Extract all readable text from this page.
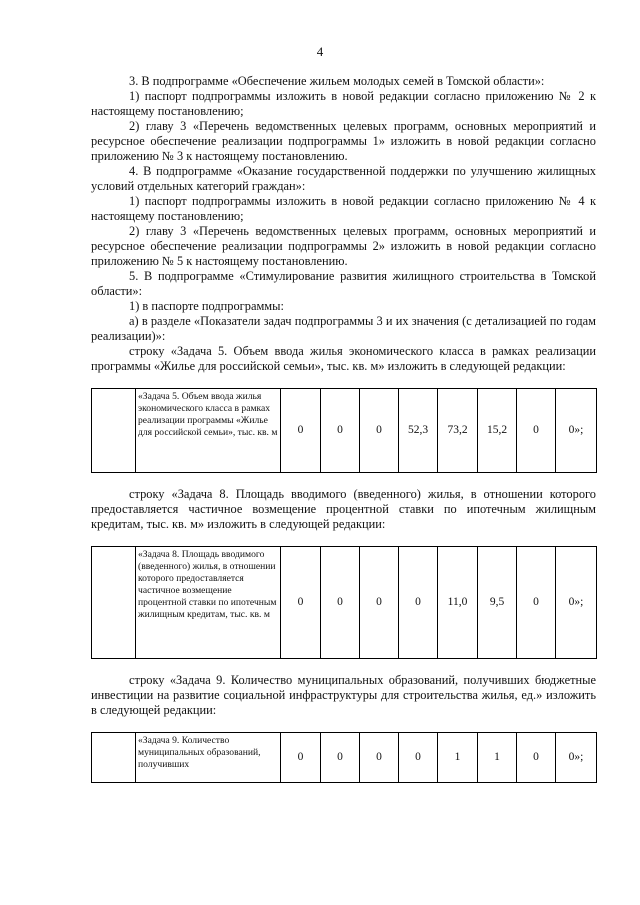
4

3. В подпрограмме «Обеспечение жильем молодых семей в Томской области»:

1) паспорт подпрограммы изложить в новой редакции согласно приложению № 2 к настоящему постановлению;

2) главу 3 «Перечень ведомственных целевых программ, основных мероприятий и ресурсное обеспечение реализации подпрограммы 1» изложить в новой редакции согласно приложению № 3 к настоящему постановлению.

4. В подпрограмме «Оказание государственной поддержки по улучшению жилищных условий отдельных категорий граждан»:

1) паспорт подпрограммы изложить в новой редакции согласно приложению № 4 к настоящему постановлению;

2) главу 3 «Перечень ведомственных целевых программ, основных мероприятий и ресурсное обеспечение реализации подпрограммы 2» изложить в новой редакции согласно приложению № 5 к настоящему постановлению.

5. В подпрограмме «Стимулирование развития жилищного строительства в Томской области»:

1) в паспорте подпрограммы:

а) в разделе «Показатели задач подпрограммы 3 и их значения (с детализацией по годам реализации)»:

строку «Задача 5. Объем ввода жилья экономического класса в рамках реализации программы «Жилье для российской семьи», тыс. кв. м» изложить в следующей редакции:

	«Задача 5. Объем ввода жилья экономического класса в рамках реализации программы «Жилье для российской семьи», тыс. кв. м	0	0	0	52,3	73,2	15,2	0	0»;

строку «Задача 8. Площадь вводимого (введенного) жилья, в отношении которого предоставляется частичное возмещение процентной ставки по ипотечным жилищным кредитам, тыс. кв. м» изложить в следующей редакции:

	«Задача 8. Площадь вводимого (введенного) жилья, в отношении которого предоставляется частичное возмещение процентной ставки по ипотечным жилищным кредитам, тыс. кв. м	0	0	0	0	11,0	9,5	0	0»;

строку «Задача 9. Количество муниципальных образований, получивших бюджетные инвестиции на развитие социальной инфраструктуры для строительства жилья, ед.» изложить в следующей редакции:

	«Задача 9. Количество муниципальных образований, получивших	0	0	0	0	1	1	0	0»;
